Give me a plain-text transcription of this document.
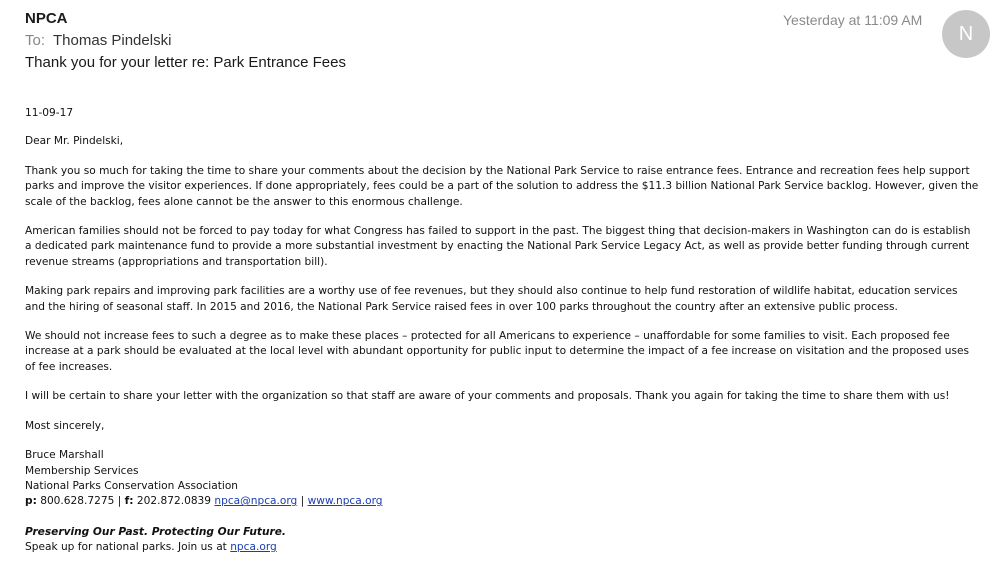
NPCA
To: Thomas Pindelski
Thank you for your letter re: Park Entrance Fees
Yesterday at 11:09 AM
N

11-09-17

Dear Mr. Pindelski,

Thank you so much for taking the time to share your comments about the decision by the National Park Service to raise entrance fees. Entrance and recreation fees help support parks and improve the visitor experiences. If done appropriately, fees could be a part of the solution to address the $11.3 billion National Park Service backlog. However, given the scale of the backlog, fees alone cannot be the answer to this enormous challenge.

American families should not be forced to pay today for what Congress has failed to support in the past. The biggest thing that decision-makers in Washington can do is establish a dedicated park maintenance fund to provide a more substantial investment by enacting the National Park Service Legacy Act, as well as provide better funding through current revenue streams (appropriations and transportation bill).

Making park repairs and improving park facilities are a worthy use of fee revenues, but they should also continue to help fund restoration of wildlife habitat, education services and the hiring of seasonal staff. In 2015 and 2016, the National Park Service raised fees in over 100 parks throughout the country after an extensive public process.

We should not increase fees to such a degree as to make these places – protected for all Americans to experience – unaffordable for some families to visit. Each proposed fee increase at a park should be evaluated at the local level with abundant opportunity for public input to determine the impact of a fee increase on visitation and the proposed uses of fee increases.

I will be certain to share your letter with the organization so that staff are aware of your comments and proposals. Thank you again for taking the time to share them with us!

Most sincerely,

Bruce Marshall

Membership Services

National Parks Conservation Association

p: 800.628.7275 | f: 202.872.0839 npca@npca.org | www.npca.org

Preserving Our Past. Protecting Our Future.

Speak up for national parks. Join us at npca.org
